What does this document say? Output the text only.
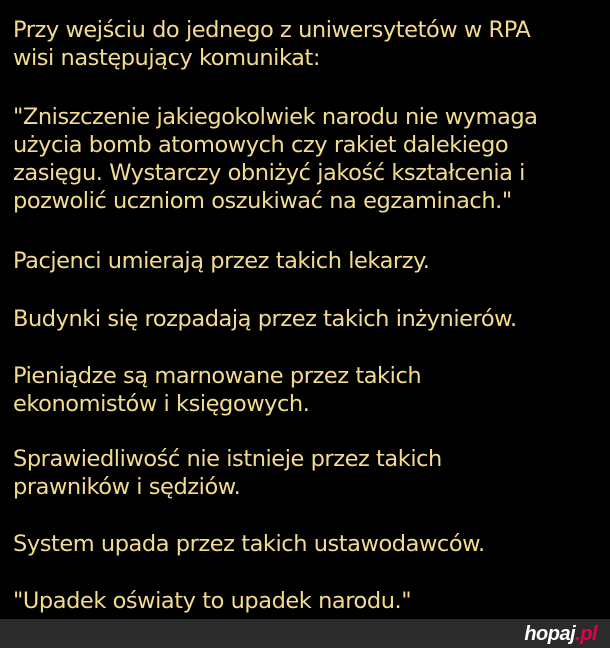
Przy wejściu do jednego z uniwersytetów w RPA
wisi następujący komunikat:
"Zniszczenie jakiegokolwiek narodu nie wymaga
użycia bomb atomowych czy rakiet dalekiego
zasięgu. Wystarczy obniżyć jakość kształcenia i
pozwolić uczniom oszukiwać na egzaminach."
Pacjenci umierają przez takich lekarzy.
Budynki się rozpadają przez takich inżynierów.
Pieniądze są marnowane przez takich
ekonomistów i księgowych.
Sprawiedliwość nie istnieje przez takich
prawników i sędziów.
System upada przez takich ustawodawców.
"Upadek oświaty to upadek narodu."
hopaj.pl
